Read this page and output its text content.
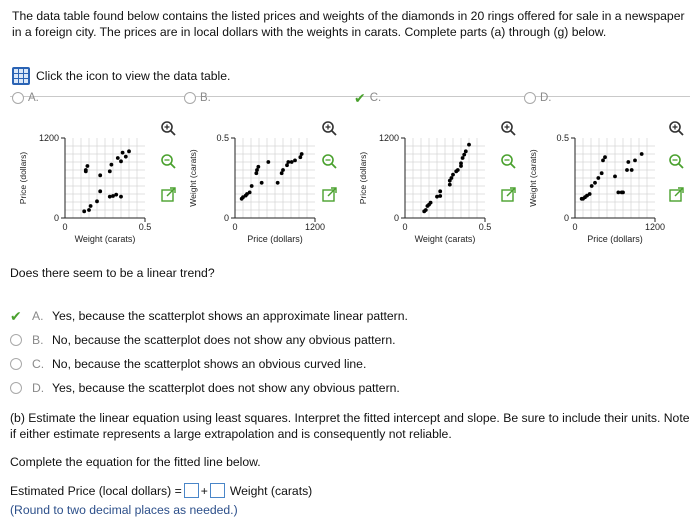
The data table found below contains the listed prices and weights of the diamonds in 20 rings offered for sale in a newspaper in a foreign city. The prices are in local dollars with the weights in carats. Complete parts (a) through (g) below.
Click the icon to view the data table.
A.	B.	✔ C.	D.
1200
0
0	0.5
Weight (carats)
Price (dollars)
0.5
0
0	1200
Price (dollars)
Weight (carats)
1200
0
0	0.5
Weight (carats)
Price (dollars)
0.5
0
0	1200
Price (dollars)
Weight (carats)
Does there seem to be a linear trend?
✔ A. Yes, because the scatterplot shows an approximate linear pattern.
B. No, because the scatterplot does not show any obvious pattern.
C. No, because the scatterplot shows an obvious curved line.
D. Yes, because the scatterplot does not show any obvious pattern.
(b) Estimate the linear equation using least squares. Interpret the fitted intercept and slope. Be sure to include their units. Note if either estimate represents a large extrapolation and is consequently not reliable.
Complete the equation for the fitted line below.
Estimated Price (local dollars) = + Weight (carats)
(Round to two decimal places as needed.)
